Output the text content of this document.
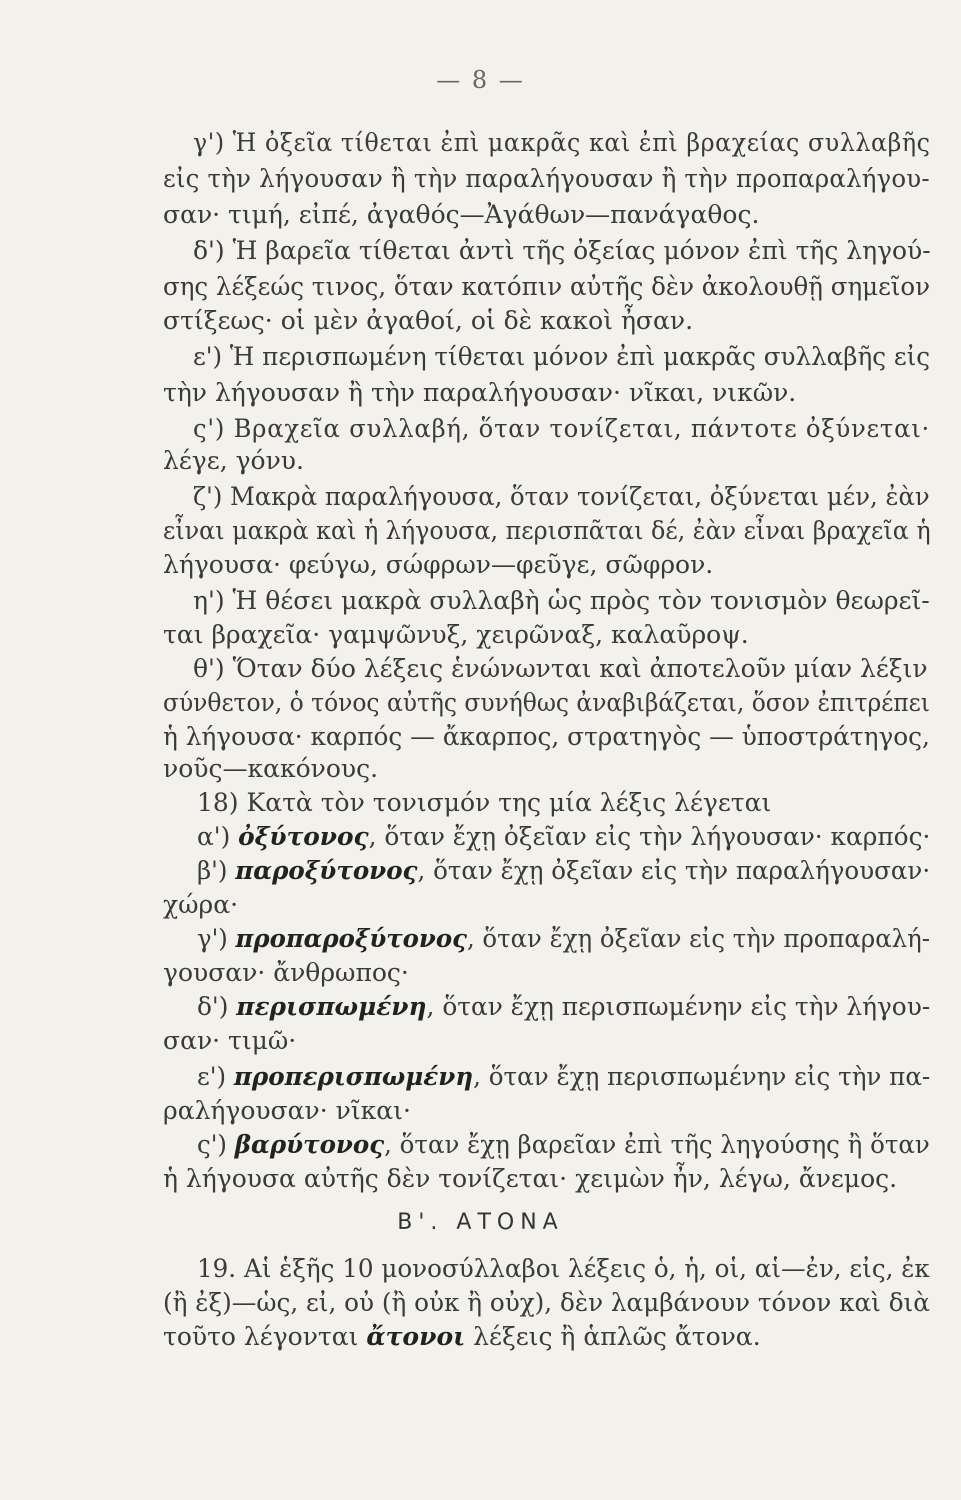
— 8 —
γ') Ἡ ὀξεῖα τίθεται ἐπὶ μακρᾶς καὶ ἐπὶ βραχείας συλλαβῆς
εἰς τὴν λήγουσαν ἢ τὴν παραλήγουσαν ἢ τὴν προπαραλήγου-
σαν· τιμή, εἰπέ, ἀγαθός—Ἀγάθων—πανάγαθος.
δ') Ἡ βαρεῖα τίθεται ἀντὶ τῆς ὀξείας μόνον ἐπὶ τῆς ληγού-
σης λέξεώς τινος, ὅταν κατόπιν αὐτῆς δὲν ἀκολουθῇ σημεῖον
στίξεως· οἱ μὲν ἀγαθοί, οἱ δὲ κακοὶ ἦσαν.
ε') Ἡ περισπωμένη τίθεται μόνον ἐπὶ μακρᾶς συλλαβῆς εἰς
τὴν λήγουσαν ἢ τὴν παραλήγουσαν· νῖκαι, νικῶν.
ς') Βραχεῖα συλλαβή, ὅταν τονίζεται, πάντοτε ὀξύνεται·
λέγε, γόνυ.
ζ') Μακρὰ παραλήγουσα, ὅταν τονίζεται, ὀξύνεται μέν, ἐὰν
εἶναι μακρὰ καὶ ἡ λήγουσα, περισπᾶται δέ, ἐὰν εἶναι βραχεῖα ἡ
λήγουσα· φεύγω, σώφρων—φεῦγε, σῶφρον.
η') Ἡ θέσει μακρὰ συλλαβὴ ὡς πρὸς τὸν τονισμὸν θεωρεῖ-
ται βραχεῖα· γαμψῶνυξ, χειρῶναξ, καλαῦροψ.
θ') Ὅταν δύο λέξεις ἑνώνωνται καὶ ἀποτελοῦν μίαν λέξιν
σύνθετον, ὁ τόνος αὐτῆς συνήθως ἀναβιβάζεται, ὅσον ἐπιτρέπει
ἡ λήγουσα· καρπός — ἄκαρπος, στρατηγὸς — ὑποστράτηγος,
νοῦς—κακόνους.
18) Κατὰ τὸν τονισμόν της μία λέξις λέγεται
α') ὀξύτονος, ὅταν ἔχῃ ὀξεῖαν εἰς τὴν λήγουσαν· καρπός·
β') παροξύτονος, ὅταν ἔχῃ ὀξεῖαν εἰς τὴν παραλήγουσαν·
χώρα·
γ') προπαροξύτονος, ὅταν ἔχῃ ὀξεῖαν εἰς τὴν προπαραλή-
γουσαν· ἄνθρωπος·
δ') περισπωμένη, ὅταν ἔχῃ περισπωμένην εἰς τὴν λήγου-
σαν· τιμῶ·
ε') προπερισπωμένη, ὅταν ἔχῃ περισπωμένην εἰς τὴν πα-
ραλήγουσαν· νῖκαι·
ς') βαρύτονος, ὅταν ἔχῃ βαρεῖαν ἐπὶ τῆς ληγούσης ἢ ὅταν
ἡ λήγουσα αὐτῆς δὲν τονίζεται· χειμὼν ἦν, λέγω, ἄνεμος.
Β'. ΑΤΟΝΑ
19. Αἱ ἑξῆς 10 μονοσύλλαβοι λέξεις ὁ, ἡ, οἱ, αἱ—ἐν, εἰς, ἐκ
(ἢ ἐξ)—ὡς, εἰ, οὐ (ἢ οὐκ ἢ οὐχ), δὲν λαμβάνουν τόνον καὶ διὰ
τοῦτο λέγονται ἄτονοι λέξεις ἢ ἁπλῶς ἄτονα.
